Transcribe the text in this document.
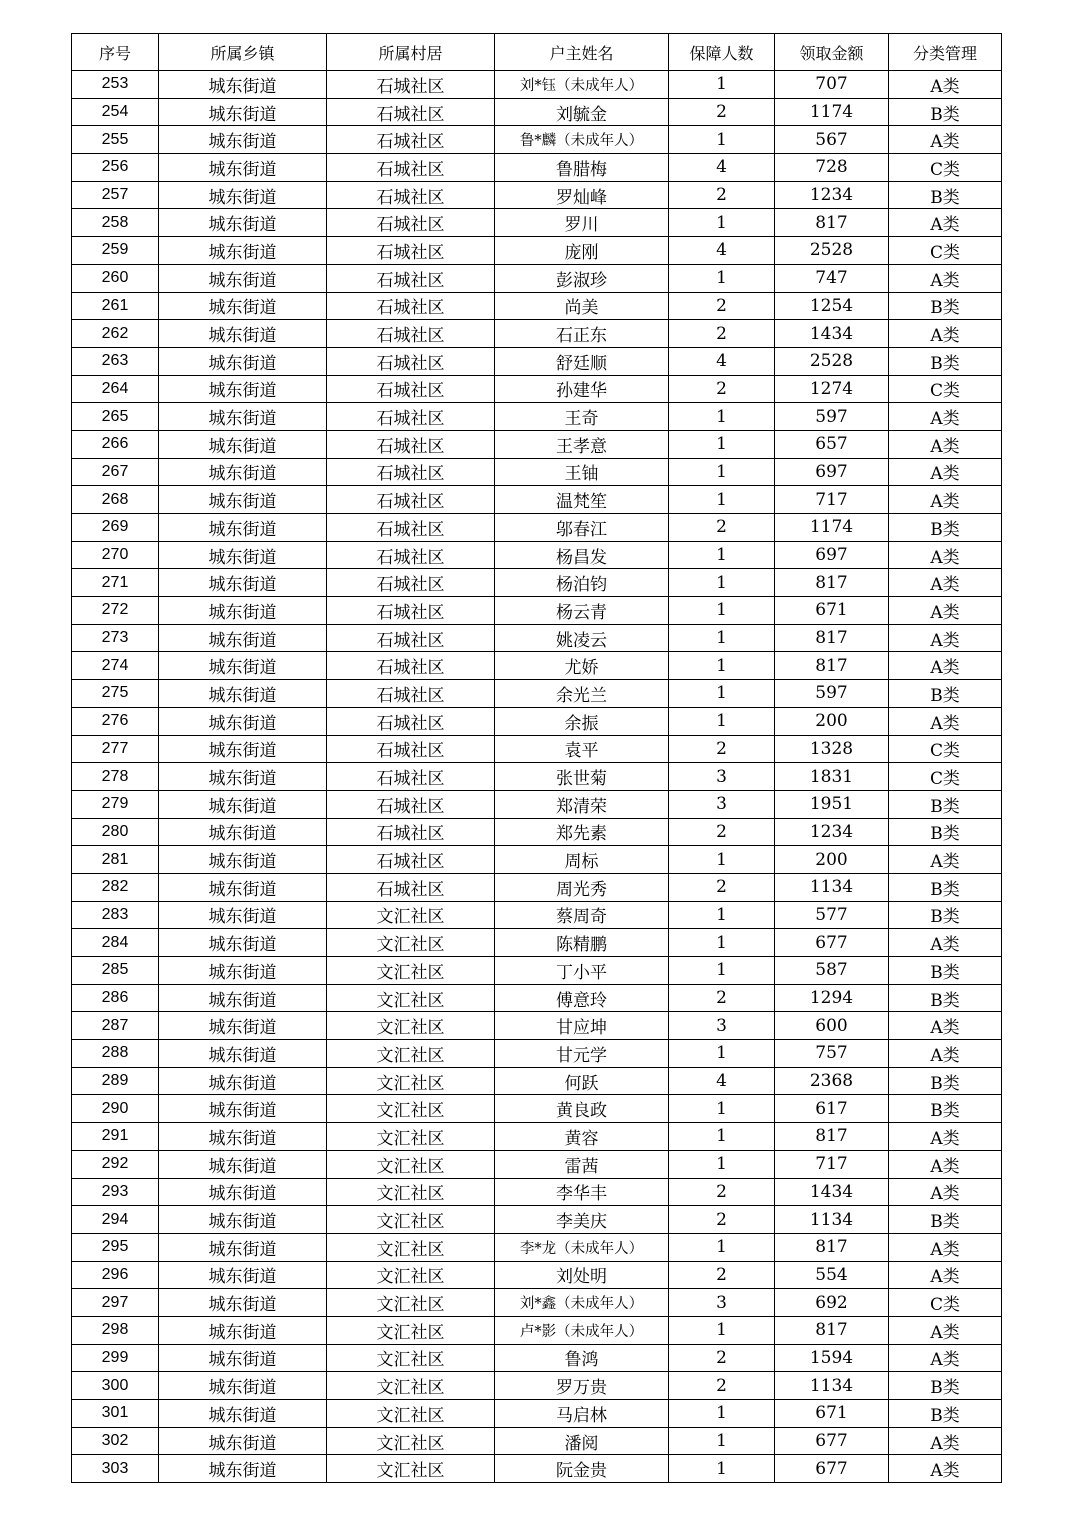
序号	所属乡镇	所属村居	户主姓名	保障人数	领取金额	分类管理
253	城东街道	石城社区	刘*钰（未成年人）	1	707	A类
254	城东街道	石城社区	刘毓金	2	1174	B类
255	城东街道	石城社区	鲁*麟（未成年人）	1	567	A类
256	城东街道	石城社区	鲁腊梅	4	728	C类
257	城东街道	石城社区	罗灿峰	2	1234	B类
258	城东街道	石城社区	罗川	1	817	A类
259	城东街道	石城社区	庞刚	4	2528	C类
260	城东街道	石城社区	彭淑珍	1	747	A类
261	城东街道	石城社区	尚美	2	1254	B类
262	城东街道	石城社区	石正东	2	1434	A类
263	城东街道	石城社区	舒廷顺	4	2528	B类
264	城东街道	石城社区	孙建华	2	1274	C类
265	城东街道	石城社区	王奇	1	597	A类
266	城东街道	石城社区	王孝意	1	657	A类
267	城东街道	石城社区	王铀	1	697	A类
268	城东街道	石城社区	温梵笙	1	717	A类
269	城东街道	石城社区	邬春江	2	1174	B类
270	城东街道	石城社区	杨昌发	1	697	A类
271	城东街道	石城社区	杨泊钧	1	817	A类
272	城东街道	石城社区	杨云青	1	671	A类
273	城东街道	石城社区	姚凌云	1	817	A类
274	城东街道	石城社区	尤娇	1	817	A类
275	城东街道	石城社区	余光兰	1	597	B类
276	城东街道	石城社区	余振	1	200	A类
277	城东街道	石城社区	袁平	2	1328	C类
278	城东街道	石城社区	张世菊	3	1831	C类
279	城东街道	石城社区	郑清荣	3	1951	B类
280	城东街道	石城社区	郑先素	2	1234	B类
281	城东街道	石城社区	周标	1	200	A类
282	城东街道	石城社区	周光秀	2	1134	B类
283	城东街道	文汇社区	蔡周奇	1	577	B类
284	城东街道	文汇社区	陈精鹏	1	677	A类
285	城东街道	文汇社区	丁小平	1	587	B类
286	城东街道	文汇社区	傅意玲	2	1294	B类
287	城东街道	文汇社区	甘应坤	3	600	A类
288	城东街道	文汇社区	甘元学	1	757	A类
289	城东街道	文汇社区	何跃	4	2368	B类
290	城东街道	文汇社区	黄良政	1	617	B类
291	城东街道	文汇社区	黄容	1	817	A类
292	城东街道	文汇社区	雷茜	1	717	A类
293	城东街道	文汇社区	李华丰	2	1434	A类
294	城东街道	文汇社区	李美庆	2	1134	B类
295	城东街道	文汇社区	李*龙（未成年人）	1	817	A类
296	城东街道	文汇社区	刘处明	2	554	A类
297	城东街道	文汇社区	刘*鑫（未成年人）	3	692	C类
298	城东街道	文汇社区	卢*影（未成年人）	1	817	A类
299	城东街道	文汇社区	鲁鸿	2	1594	A类
300	城东街道	文汇社区	罗万贵	2	1134	B类
301	城东街道	文汇社区	马启林	1	671	B类
302	城东街道	文汇社区	潘阅	1	677	A类
303	城东街道	文汇社区	阮金贵	1	677	A类
